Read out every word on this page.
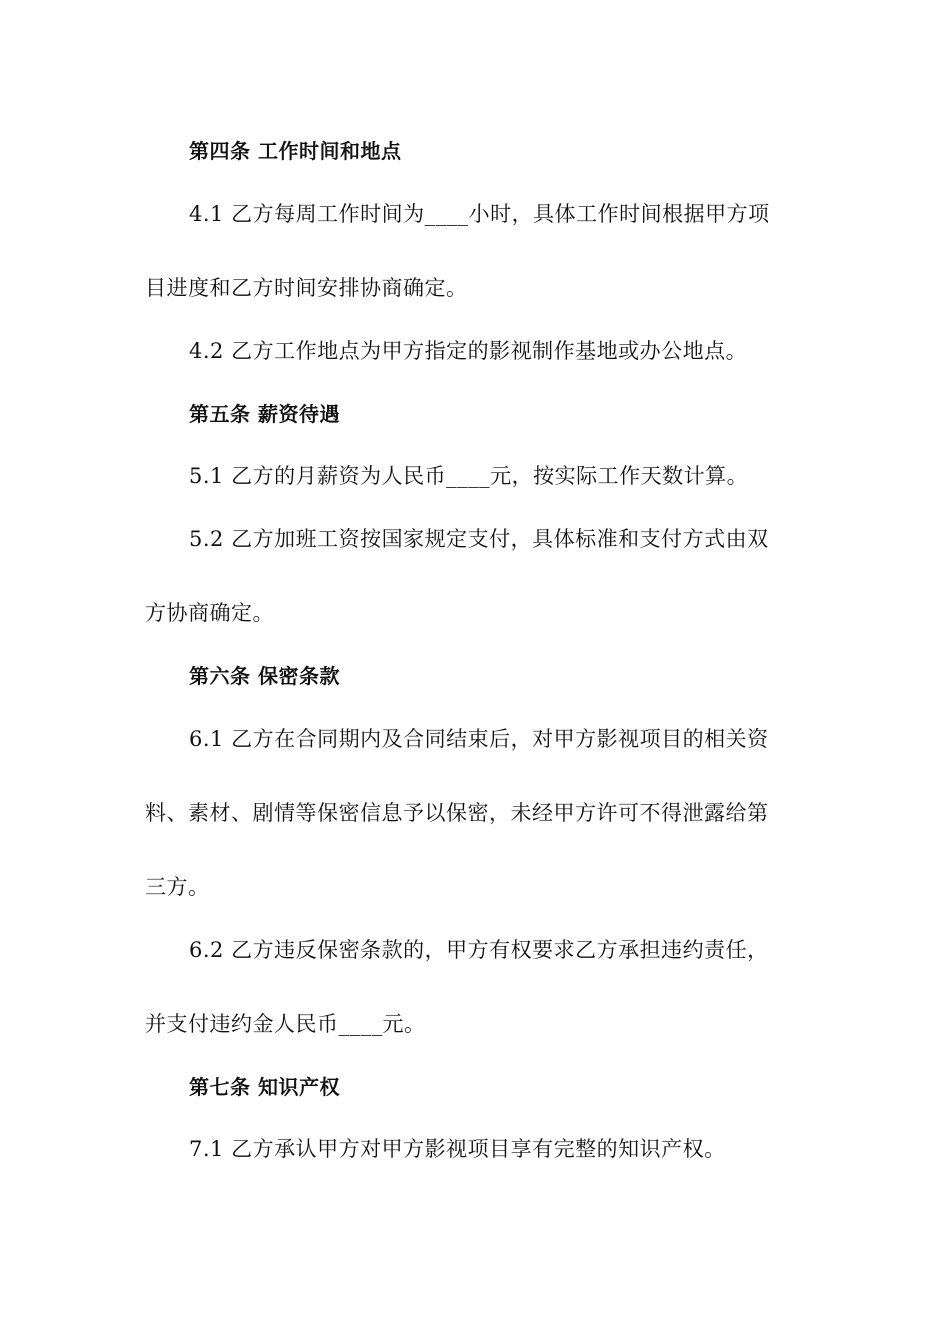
第四条 工作时间和地点
4.1 乙方每周工作时间为____小时，具体工作时间根据甲方项
目进度和乙方时间安排协商确定。
4.2 乙方工作地点为甲方指定的影视制作基地或办公地点。
第五条 薪资待遇
5.1 乙方的月薪资为人民币____元，按实际工作天数计算。
5.2 乙方加班工资按国家规定支付，具体标准和支付方式由双
方协商确定。
第六条 保密条款
6.1 乙方在合同期内及合同结束后，对甲方影视项目的相关资
料、素材、剧情等保密信息予以保密，未经甲方许可不得泄露给第
三方。
6.2 乙方违反保密条款的，甲方有权要求乙方承担违约责任，
并支付违约金人民币____元。
第七条 知识产权
7.1 乙方承认甲方对甲方影视项目享有完整的知识产权。
